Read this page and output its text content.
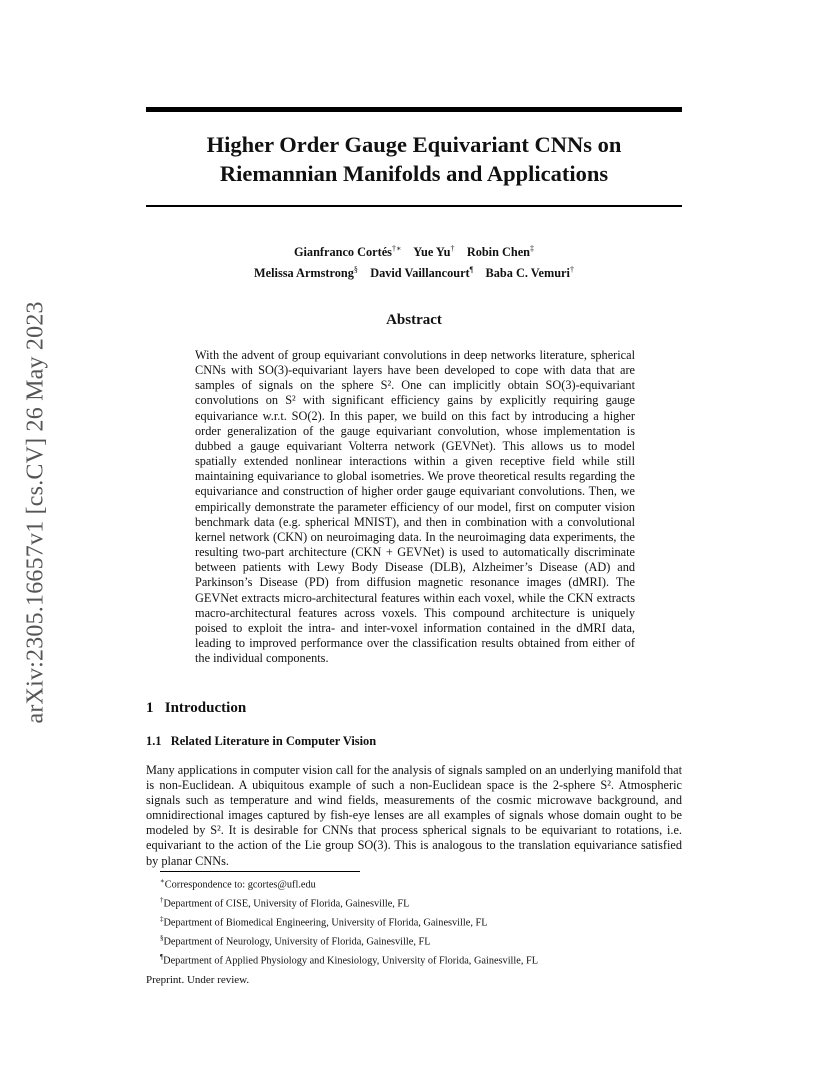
arXiv:2305.16657v1 [cs.CV] 26 May 2023
Higher Order Gauge Equivariant CNNs on
Riemannian Manifolds and Applications
Gianfranco Cortés†∗ Yue Yu† Robin Chen‡
Melissa Armstrong§ David Vaillancourt¶ Baba C. Vemuri†
Abstract
With the advent of group equivariant convolutions in deep networks literature, spherical CNNs with SO(3)-equivariant layers have been developed to cope with data that are samples of signals on the sphere S². One can implicitly obtain SO(3)-equivariant convolutions on S² with significant efficiency gains by explicitly requiring gauge equivariance w.r.t. SO(2). In this paper, we build on this fact by introducing a higher order generalization of the gauge equivariant convolution, whose implementation is dubbed a gauge equivariant Volterra network (GEVNet). This allows us to model spatially extended nonlinear interactions within a given receptive field while still maintaining equivariance to global isometries. We prove theoretical results regarding the equivariance and construction of higher order gauge equivariant convolutions. Then, we empirically demonstrate the parameter efficiency of our model, first on computer vision benchmark data (e.g. spherical MNIST), and then in combination with a convolutional kernel network (CKN) on neuroimaging data. In the neuroimaging data experiments, the resulting two-part architecture (CKN + GEVNet) is used to automatically discriminate between patients with Lewy Body Disease (DLB), Alzheimer’s Disease (AD) and Parkinson’s Disease (PD) from diffusion magnetic resonance images (dMRI). The GEVNet extracts micro-architectural features within each voxel, while the CKN extracts macro-architectural features across voxels. This compound architecture is uniquely poised to exploit the intra- and inter-voxel information contained in the dMRI data, leading to improved performance over the classification results obtained from either of the individual components.
1   Introduction
1.1   Related Literature in Computer Vision
Many applications in computer vision call for the analysis of signals sampled on an underlying manifold that is non-Euclidean. A ubiquitous example of such a non-Euclidean space is the 2-sphere S². Atmospheric signals such as temperature and wind fields, measurements of the cosmic microwave background, and omnidirectional images captured by fish-eye lenses are all examples of signals whose domain ought to be modeled by S². It is desirable for CNNs that process spherical signals to be equivariant to rotations, i.e. equivariant to the action of the Lie group SO(3). This is analogous to the translation equivariance satisfied by planar CNNs.
∗Correspondence to: gcortes@ufl.edu
†Department of CISE, University of Florida, Gainesville, FL
‡Department of Biomedical Engineering, University of Florida, Gainesville, FL
§Department of Neurology, University of Florida, Gainesville, FL
¶Department of Applied Physiology and Kinesiology, University of Florida, Gainesville, FL
Preprint. Under review.
